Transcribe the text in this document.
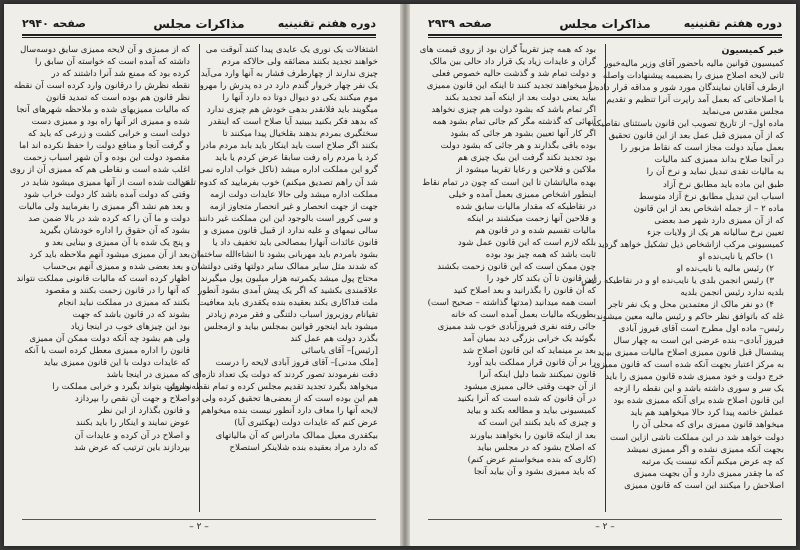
دوره هفتم تقنینیه
مذاکرات مجلس
صفحه ۲۹۴۰
اشتغالات یک نوری یک عایدی پیدا کنند آنوقت می
خواهند تجدید بکنند مضائقه ولی حالاکه مردم
چیزی ندارند از چهارطرف فشار به آنها وارد می‌آید
یک نفر چهار خروار گندم دارد در ده پدرش را مهرو
موم میکنند یکی دو دیوال دوتا ده دارد آنها را
میگویند باید فلانقدر بدهی خودش هم چیزی ندارد
که بدهد فکر بکنید ببینید آیا صلاح است که اینقدر
سختگیری بمردم بدهند بقلخیال پیدا میکنند تا
بکنند اگر صلاح است باید اینکار باید بابد مردم مادرا
کرد یا مردم راه رفت سابقا عرض کردم یا باید
گرو این مملکت اداره میشد (ناکل خواب اداره نمی
شد آن راهم تصدیق میکنم) خوب بفرمایید که کدوم تلفن
مملکت اداره میشد ولی حالا عایدات دولت ازمه
جهت از جهت انحصار و غیر انحصار متجاوز ازمه
و سی کرور است بالوجود این این مملکت غیر دانند
سالی نیمهای و علیه ندارد از قبیل قانون ممیزی و
قانون عائدات آنهارا بمصالحی باید تخفیف داد یا
بشود بامردم باید مهربانی بشود تا انشاءالله ساختمان
که شدند مثل سایر ممالک سایر دولتها وقتی دولتشان
محتاج پول میشد یکمرتبه هزار میلیون پول میگیرند
علاقمندی بکشید که اگر یک پیش آمدی بشود آنطور
ملت فداکاری بکند بعقیده بنده یکقدری باید معافیت
تقیانام روزیروز اسباب دلتنگی و فقر مردم زیادتر
میشود باید اینجور قوانین بمجلس بیاید و ازمجلس
بگذرد دولت هم عمل کند
[رئیس]– آقای یاسائی
[ملک مدنی]– آقای فروز آبادی لایحه را درست
دقت نفرمودند تصور کردند که دولت یک تعداد تازه‌ای
میخواهد بگیرد تجدید تقدیم مجلس کرده و تمام نقطه‌نظرش
هم این بوده است که از بعضی‌ها تحقیق کرده ولی دو
لایحه آنها را معاف دارد آنطور نیست بنده میخواهم
عرض کنم که عایدات دولت (بهکثیری آیا)
بیکقدری معیل ممالک مادراس که آن مالیاتهای
که دارد مراد بعقیده بنده شلاینکر استصلاح
که از ممیزی و آن لایحه ممیزی سایق دوسه‌سال
داشته که آمده است که خواسته آن سابق را
کرده بود که ممنع شد آنرا داشتند که در
نقطه نظرش را درقانون وارد کرده است آن نقطه
نظر قانون هم بوده است که تمدید قانون
که مالیات ممیزیهای شده و ملاحظه شهرهای آنجا
شده و ممیزی اثر آنها راه بود و ممیزی دست
دولت است و خرابی کشت و زرعی که باید که
و گرفت آنجا و منافع دولت را حفظ نکرده اند اما
مقصود دولت این بوده و آن شهر اسباب زحمت
اغلب شده است و نقاطی هم که ممیزی آن از روی
عدالت شده است از آنها ممیزی میشود شاید در
وقتی که دولت آمده باشد کار دولت خراب شود
و بعد هم نشد اگر ممیزی را بفرمایید ولی مالیات
دولت و ما آن را که کرده شد در بالا ضمن صد
بشود که آن حقوق را اداره خودشان بگیرید
و پنج یک شده با آن ممیزی و بینایی بعد و
بعد از آن ممیزی میشود آنهم ملاحظه باید کرد
و بعد بعضی شده و ممیزی آنهم بی‌حساب
اظهار کرده است که مالیات قانونی مملکت نتواند
که آنها را در قانون زحمت بکنند و مقصود
بکنند که ممیزی در مملکت نباید انجام
بشوند که در قانون باشد که جهت
بود این چیزهای خوب در اینجا زیاد
ولی هم بشود چه آنکه دولت ممکن آن ممیزی
قانون را اداره ممیزی معطل کرده است با آنکه
که عایدات دولت با این قانون ممیزی بیاید
که ممیزی در اینجا باشد
و دولت بتواند بگیرد و خرابی مملکت را
اصلاح و جهت آن نقص را بپردازد
و قانون بگذارد از این نظر
عوض نمایند و اینکار را باید بکنند
و اصلاح در آن کرده و عایدات آن
بپردازند باین ترتیب که عرض شد
– ۲ –
دوره هفتم تقنینیه
مذاکرات مجلس
صفحه ۲۹۳۹
خبر کمیسیون
کمیسیون قوانین مالیه باحضور آقای وزیر مالیه‌خبور
ثانی لایحه اصلاح میزی را بضمیمه پیشنهادات واصله
ازطرف آقایان نمایندگان مورد شور و مداقه قرار داده و
با اصلاحاتی که بعمل آمد راپرت آنرا تنظیم و تقدیم
مجلس مقدس می‌نماید
ماده اول– از تاریخ تصویب این قانون باستثنای نقاطیکه
که از آن ممیزی قبل عمل بعد از این قانون تحقیق
بعمل میآید دولت مجاز است که نقاط مزبور را
در آنجا صلاح بداند ممیزی کند مالیات
به مالیات نقدی تبدیل نماید و نرخ آن را
طبق این ماده باید مطابق نرخ آزاد
اسباب این تبدیل مطابق نرخ آزاد متوسط
ماده ۲ – از جمله اشخاص بعد از این قانون
که از آن ممیزی دارد شهر صد بعضی
تعیین نرخ سالیانه هر یک از ولایات جزء
کمیسیونی مرکب ازاشخاص ذیل تشکیل خواهد گردید
۱) حاکم یا نایب‌نده او
۲) رئیس مالیه یا نایب‌نده او
۳) رئیس انجمن بلدی یا نایب‌نده او و در نقاطیکه رئیس
بلدیه ندارد رئیس انجمن بلدیه
۴) دو نفر مالک از معتمدین محل و یک نفر تاجر
غله که باتوافق نظر حاکم و رئیس مالیه معین میشوند
رئیس– ماده اول مطرح است آقای فیروز آبادی
فیروز آبادی– بنده عرضی این است به چهار سال
پیشسال قبل قانون ممیزی اصلاح مالیات ممیزی بیاید
به مرکز اعتبار بجهت آنکه شده است که قانون ممیزی
خرج دولت و خود ممیزی شده قانون ممیزی را باید
یک سر و سوری داشته باشد و این نقطه را ازجه
این قانون اصلاح شده برای آنکه ممیزی شده بود
عملش خاتمه پیدا کرد حالا میخواهید هم باید
میخواهد قانون ممیزی برای که محلی آن را
دولت خواهد شد در این مملکت ناشی ازاین است
بجهت آنکه ممیزی نشده و اگر ممیزی نمیشد
که چه عرض میکنم آنکه نیست یک مرتبه
که ما چقدر ممیزی دارد و آن بجهت ممیزی
اصلاحش را میکنند این است که قانون ممیزی
بود که همه چیز تقریباً گران بود از روی قیمت های
گران و عایدات زیاد یک قرار داد حالی بین مالک
و دولت تمام شد و گذشت حالیه خصوص فعلی
را میخواهند تجدید کنند تا اینکه این قانون ممیزی
بیاید یعنی دولت بعد از اینکه آمد تجدید بکند
اگر تمام باشد که بشود دولت هم چیزی نخواهد
آنهائی که گذشته مگر کم جائی تمام بشود همه
اگر کار آنها تعیین بشود هر جائی که بشود
بوده باقی بگذارند و هر جائی که بشود دولت
بود تجدید نکند گرفت این بیک چیزی هم
ملاکین و فلاحین و رعایا تقریبا میشود از
بهده مالیاتشان تا این است که چون در تمام نقاط
اینطور اشخاص ممیزی بعمل آمده و خیلی
در نقاطیکه که مقدار مالیات سابق شده
و فلاحین آنها زحمت میکشند بر اینکه
مالیات تقسیم شده و در قانون هم
بلکه لازم است که این قانون عمل شود
ثابت باشد که همه چیز بود بوده
چون ممکن است که این قانون زحمت بکشند
این قانون تا آن بکند کار خود را
که آن قانون را بگذرانید و بعد اصلاح کنید
است همه میدانید (مدتها گذاشته – صحیح است)
بطوریکه مالیات بعمل آمده است که خانه
جائی رفته نفری فیروزآبادی خوب شد ممیزی
بگوئید یک خرابی بزرگی دید بمیان آمد
بعد بر مینماید که این قانون اصلاح شد
را بر آن قانون قرار مملکت باید آورد
قانون نمیکنند شما دلیل اینکه آنرا
از آن جهت وقتی خالی ممیزی میشود
در آن قانون که شده است که آنرا بکنید
کمیسیونی بیاید و مطالعه بکند و بیاید
و چیزی که باید بکنند این است که
بعد از اینکه قانون را بخواهند بیاورند
که اصلاح بشود که در مجلس بیاید
(کاری که بنده میخواستم عرض کنم)
که باید ممیزی بشود و آن بیاید آنجا
– ۲ –
